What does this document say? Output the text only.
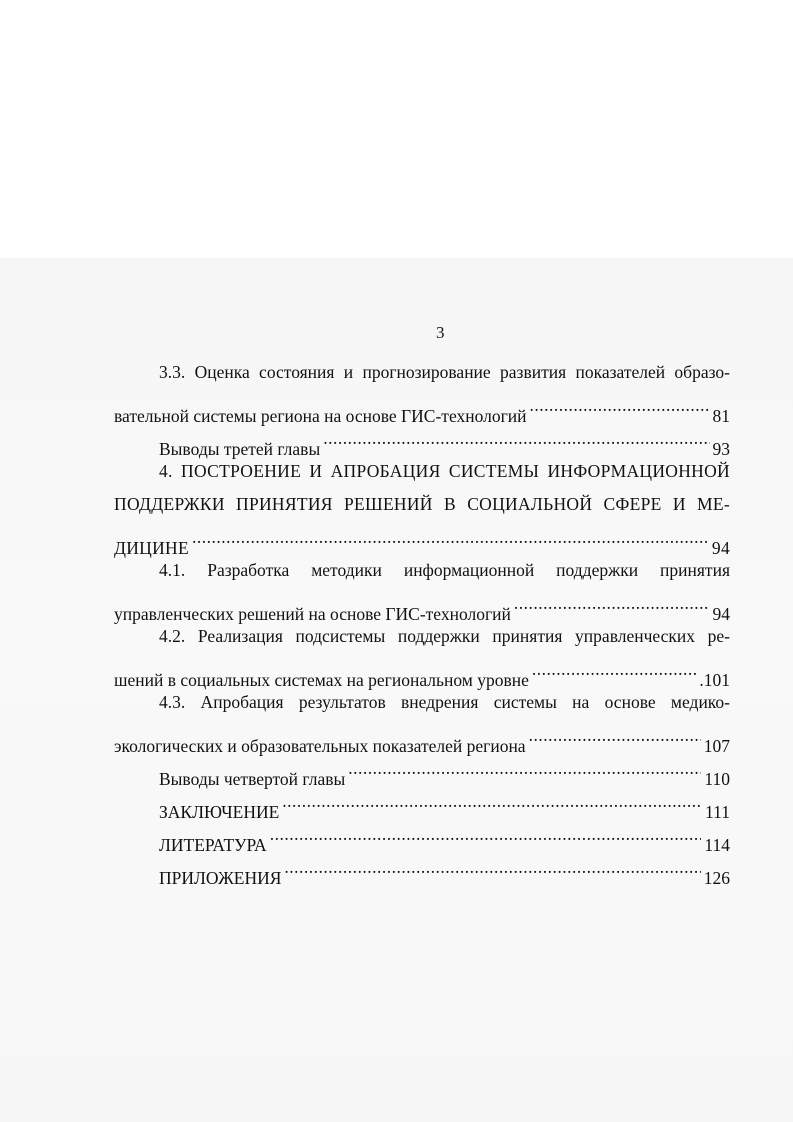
3
3.3. Оценка состояния и прогнозирование развития показателей образо-
вательной системы региона на основе ГИС-технологий .....	81
Выводы третей главы .....	93
4. ПОСТРОЕНИЕ И АПРОБАЦИЯ СИСТЕМЫ ИНФОРМАЦИОННОЙ
ПОДДЕРЖКИ ПРИНЯТИЯ РЕШЕНИЙ В СОЦИАЛЬНОЙ СФЕРЕ И МЕ-
ДИЦИНЕ .....	94
4.1. Разработка методики информационной поддержки принятия
управленческих решений на основе ГИС-технологий .....	94
4.2. Реализация подсистемы поддержки принятия управленческих ре-
шений в социальных системах на региональном уровне .....	.101
4.3. Апробация результатов внедрения системы на основе медико-
экологических и образовательных показателей региона .....	107
Выводы четвертой главы .....	110
ЗАКЛЮЧЕНИЕ .....	111
ЛИТЕРАТУРА .....	114
ПРИЛОЖЕНИЯ .....	126
